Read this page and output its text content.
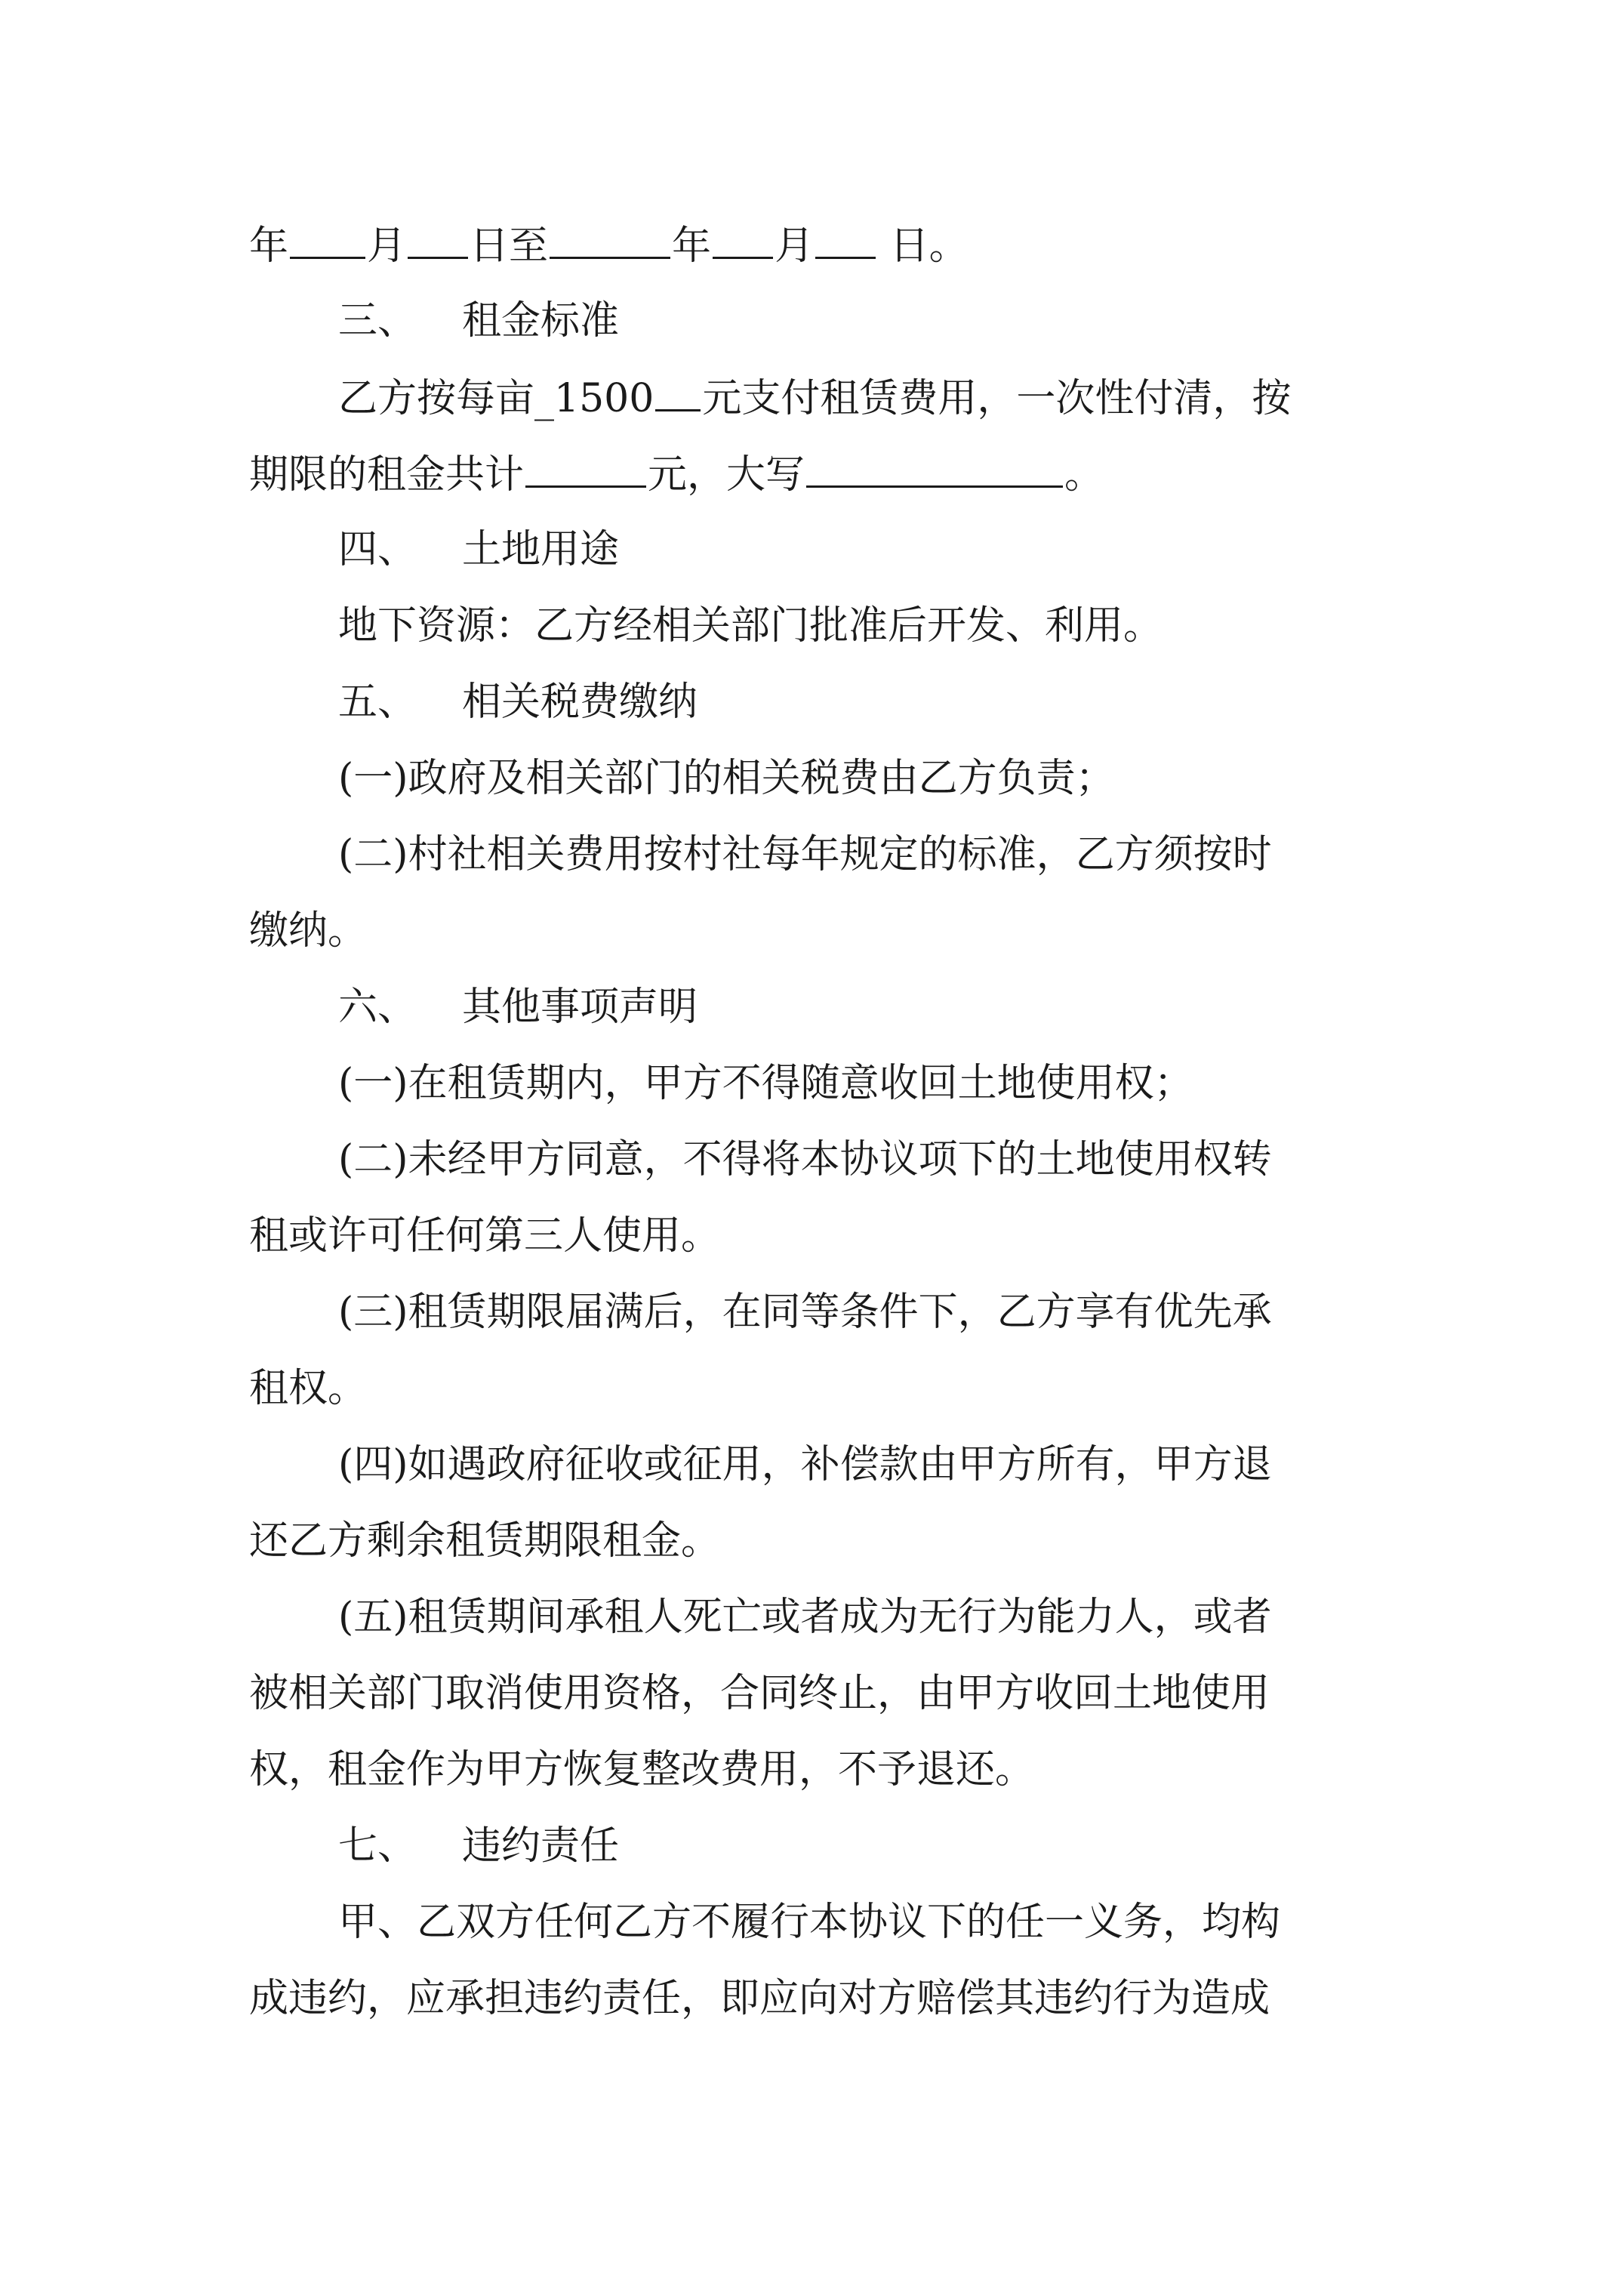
年 月 日至	年 月 日。
三、 租金标准
乙方按每亩_1500 元支付租赁费用，一次性付清，按
期限的租金共计	元，大写	。
四、 土地用途
地下资源：乙方经相关部门批准后开发、利用。
五、 相关税费缴纳
(一)政府及相关部门的相关税费由乙方负责；
(二)村社相关费用按村社每年规定的标准，乙方须按时
缴纳。
六、 其他事项声明
(一)在租赁期内，甲方不得随意收回土地使用权；
(二)未经甲方同意，不得将本协议项下的土地使用权转
租或许可任何第三人使用。
(三)租赁期限届满后，在同等条件下，乙方享有优先承
租权。
(四)如遇政府征收或征用，补偿款由甲方所有，甲方退
还乙方剩余租赁期限租金。
(五)租赁期间承租人死亡或者成为无行为能力人，或者
被相关部门取消使用资格，合同终止，由甲方收回土地使用
权，租金作为甲方恢复整改费用，不予退还。
七、 违约责任
甲、乙双方任何乙方不履行本协议下的任一义务，均构
成违约，应承担违约责任，即应向对方赔偿其违约行为造成
